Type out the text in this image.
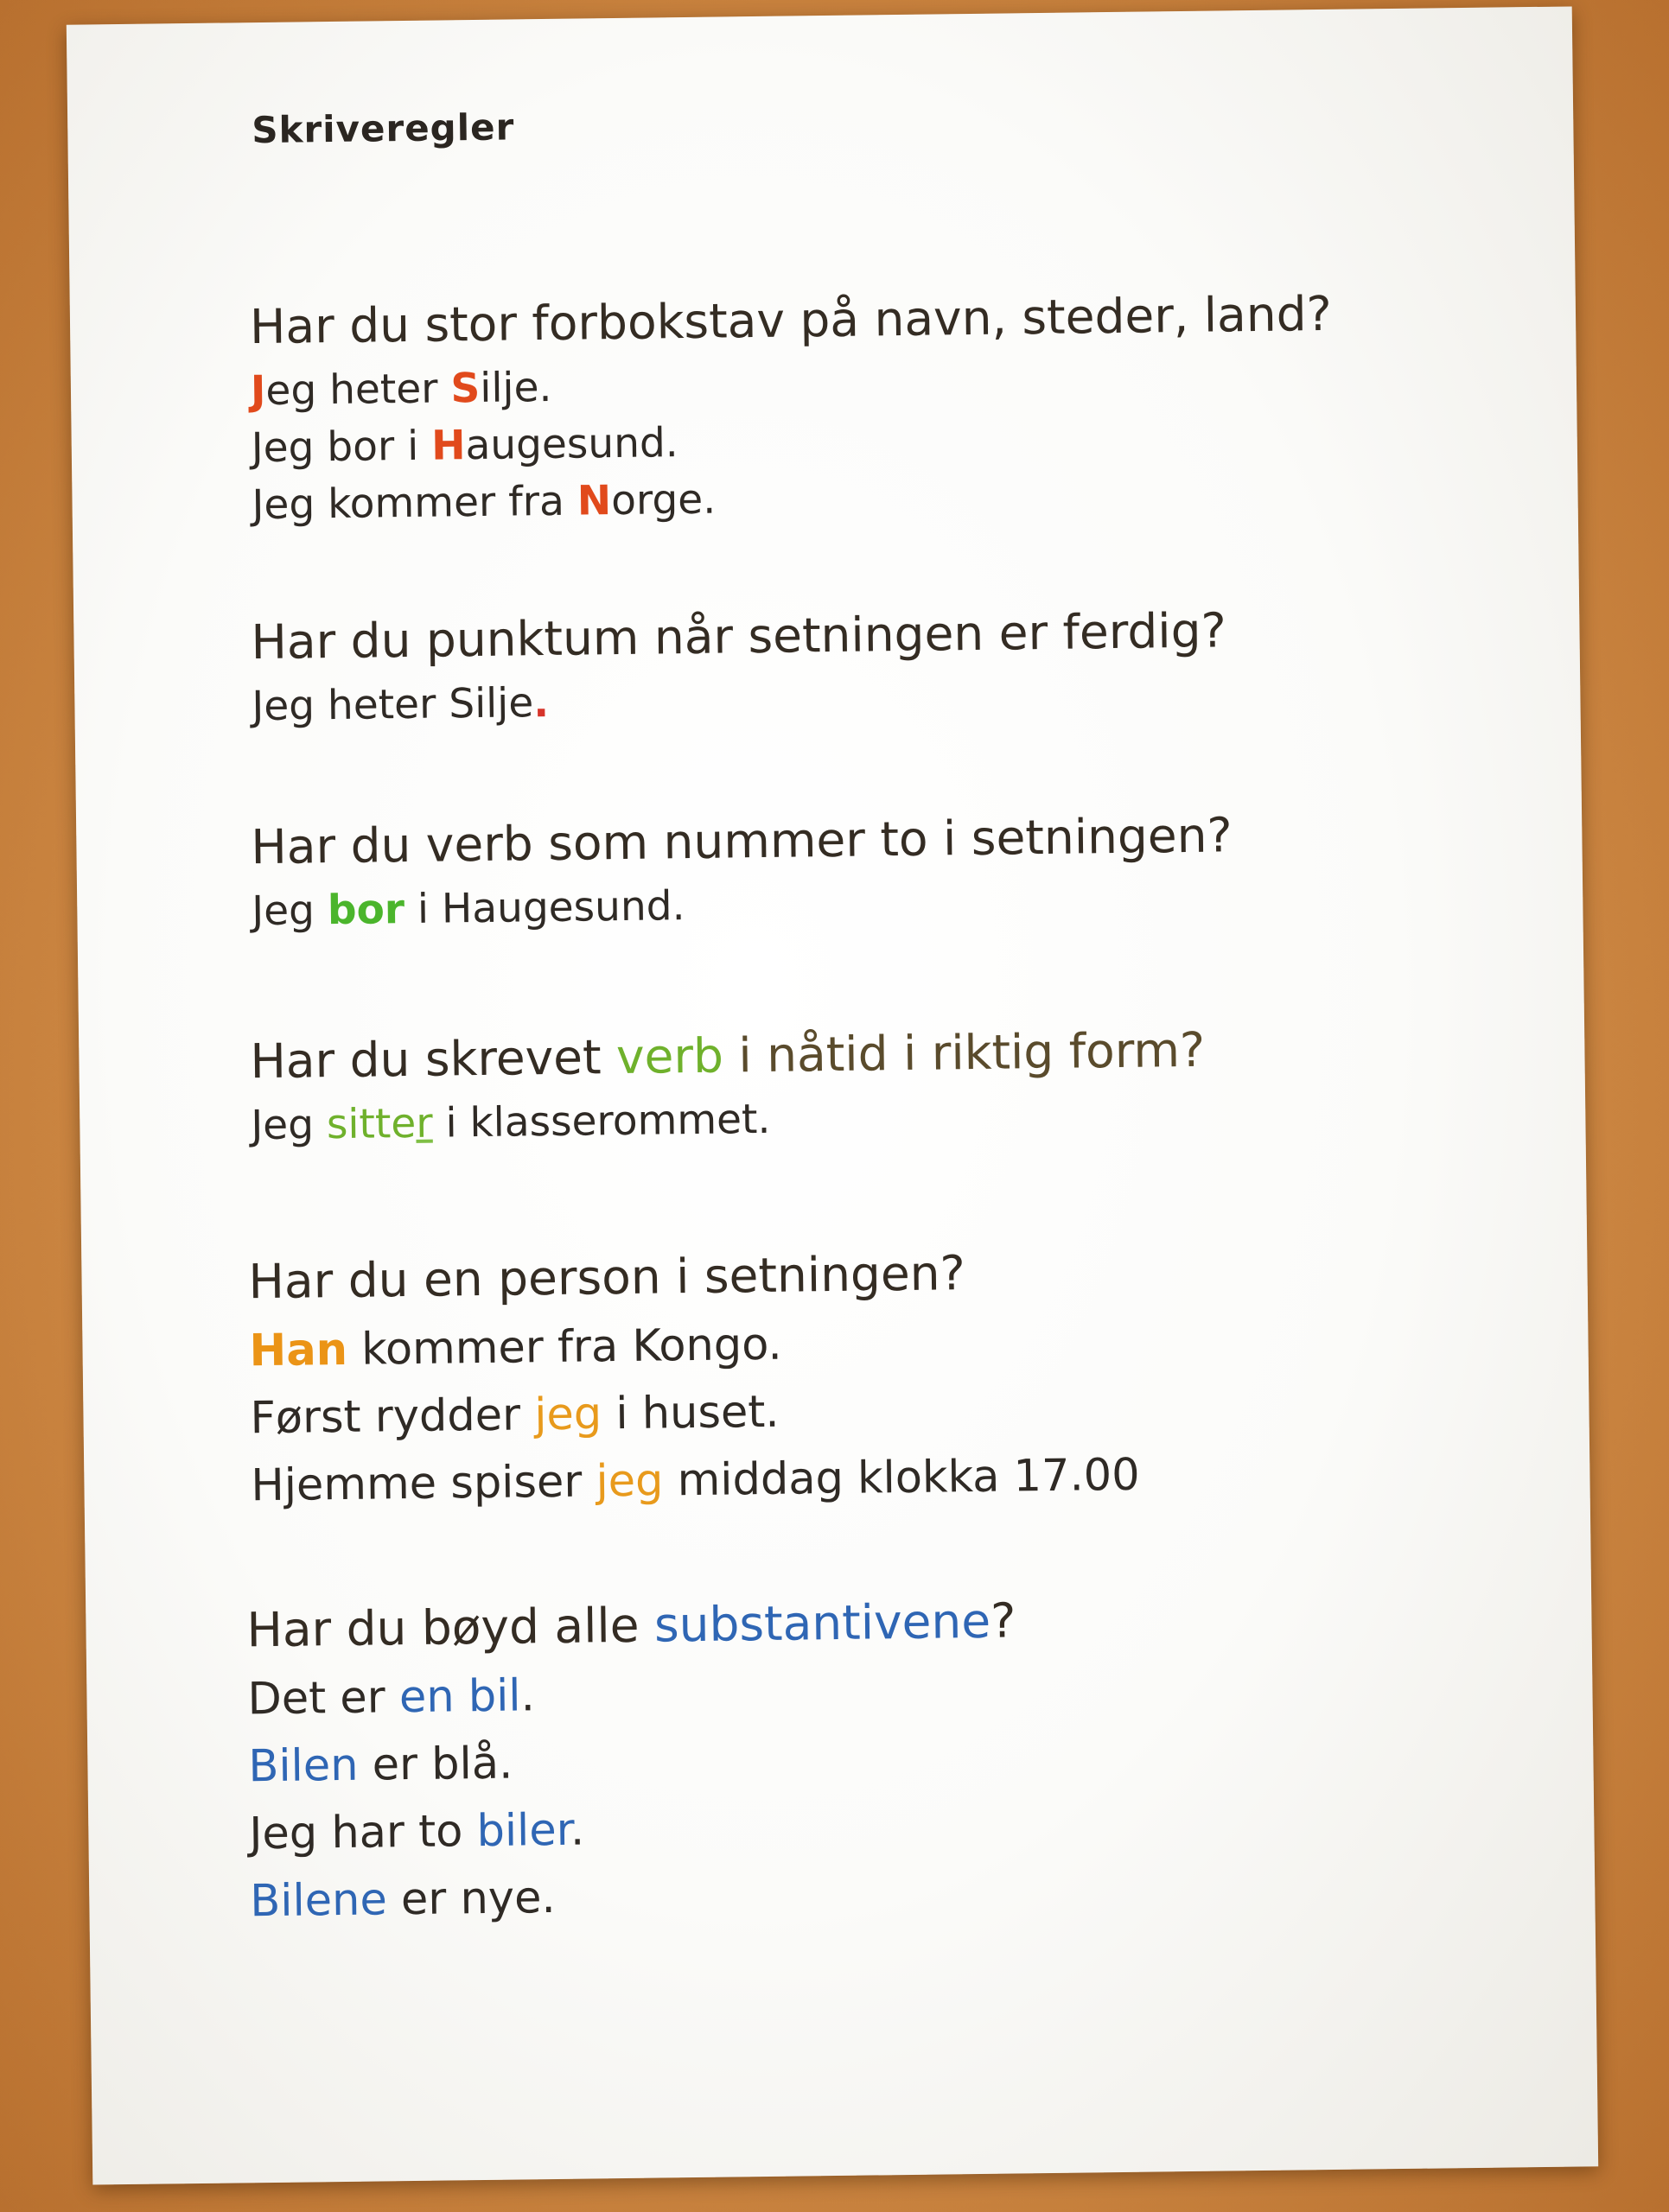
Skriveregler
Har du stor forbokstav på navn, steder, land?
Jeg heter Silje.
Jeg bor i Haugesund.
Jeg kommer fra Norge.
Har du punktum når setningen er ferdig?
Jeg heter Silje.
Har du verb som nummer to i setningen?
Jeg bor i Haugesund.
Har du skrevet verb i nåtid i riktig form?
Jeg sitter i klasserommet.
Har du en person i setningen?
Han kommer fra Kongo.
Først rydder jeg i huset.
Hjemme spiser jeg middag klokka 17.00
Har du bøyd alle substantivene?
Det er en bil.
Bilen er blå.
Jeg har to biler.
Bilene er nye.
